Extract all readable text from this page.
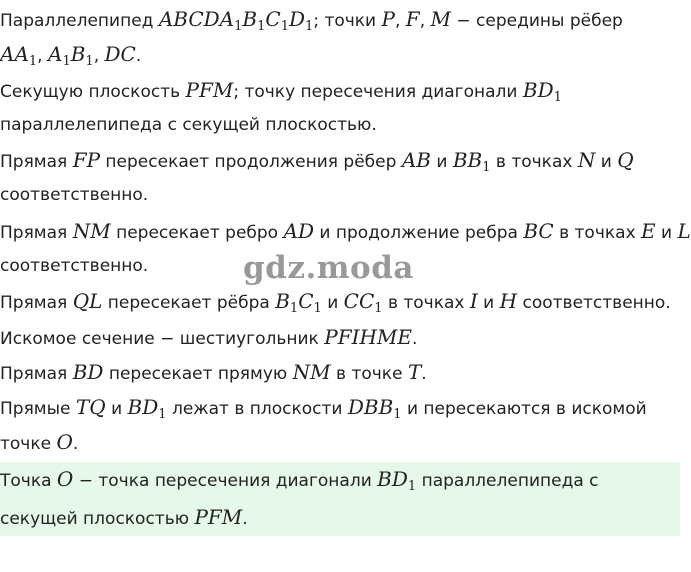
Параллелепипед $ABCDA_1B_1C_1D_1$; точки P, F, M − середины рёбер
$AA_1$, $A_1B_1$, DC.
Секущую плоскость PFM; точку пересечения диагонали $BD_1$
параллелепипеда с секущей плоскостью.
Прямая FP пересекает продолжения рёбер AB и $BB_1$ в точках N и Q
соответственно.
Прямая NM пересекает ребро AD и продолжение ребра BC в точках E и L
соответственно.
Прямая QL пересекает рёбра $B_1C_1$ и $CC_1$ в точках I и H соответственно.
Искомое сечение − шестиугольник PFIHME.
Прямая BD пересекает прямую NM в точке T.
Прямые TQ и $BD_1$ лежат в плоскости $DBB_1$ и пересекаются в искомой
точке O.
Точка O − точка пересечения диагонали $BD_1$ параллелепипеда с
секущей плоскостью PFM.
gdz.moda
